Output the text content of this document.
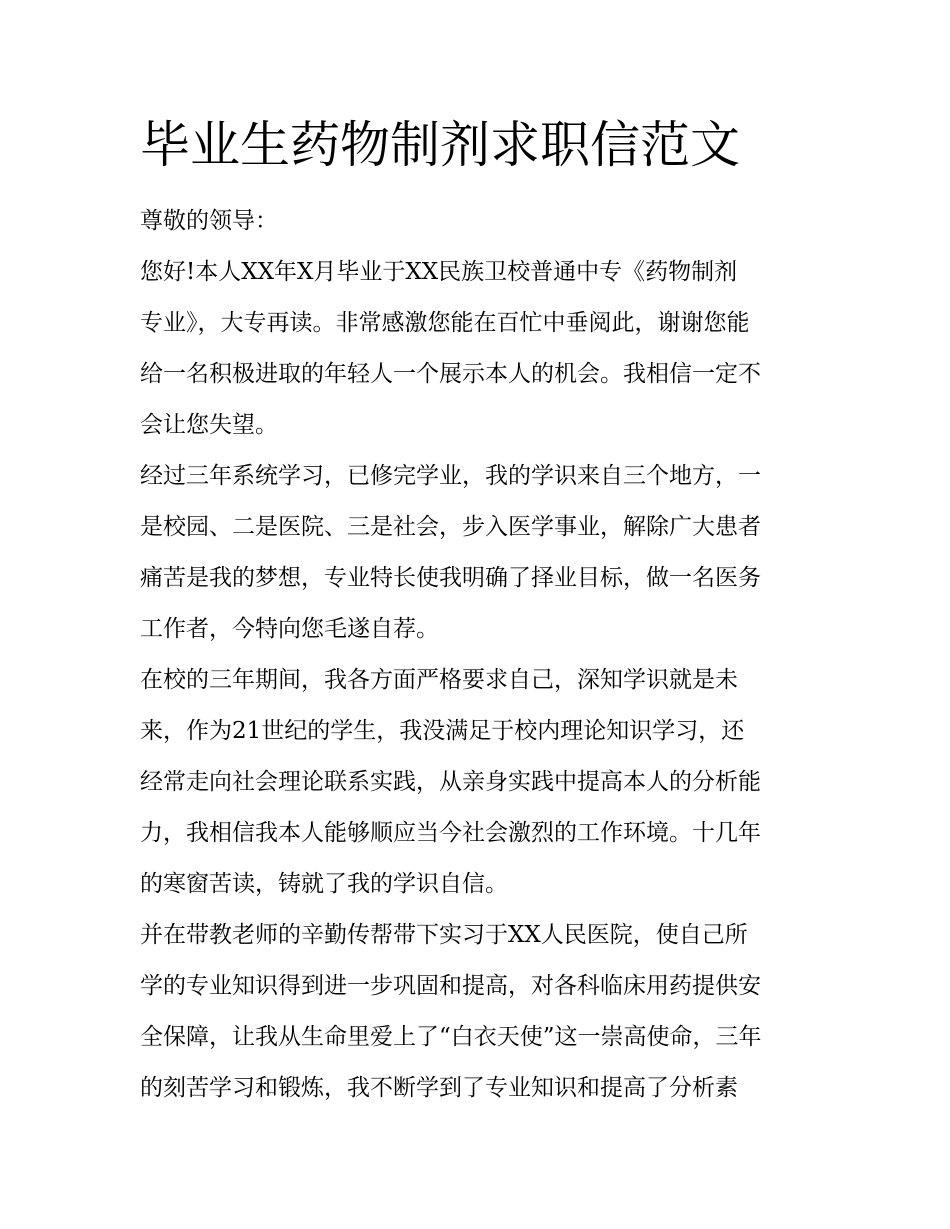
毕业生药物制剂求职信范文
尊敬的领导：
您好!本人XX年X月毕业于XX民族卫校普通中专《药物制剂
专业》，大专再读。非常感激您能在百忙中垂阅此，谢谢您能
给一名积极进取的年轻人一个展示本人的机会。我相信一定不
会让您失望。
经过三年系统学习，已修完学业，我的学识来自三个地方，一
是校园、二是医院、三是社会，步入医学事业，解除广大患者
痛苦是我的梦想，专业特长使我明确了择业目标，做一名医务
工作者，今特向您毛遂自荐。
在校的三年期间，我各方面严格要求自己，深知学识就是未
来，作为21世纪的学生，我没满足于校内理论知识学习，还
经常走向社会理论联系实践，从亲身实践中提高本人的分析能
力，我相信我本人能够顺应当今社会激烈的工作环境。十几年
的寒窗苦读，铸就了我的学识自信。
并在带教老师的辛勤传帮带下实习于XX人民医院，使自己所
学的专业知识得到进一步巩固和提高，对各科临床用药提供安
全保障，让我从生命里爱上了“白衣天使”这一崇高使命，三年
的刻苦学习和锻炼，我不断学到了专业知识和提高了分析素
